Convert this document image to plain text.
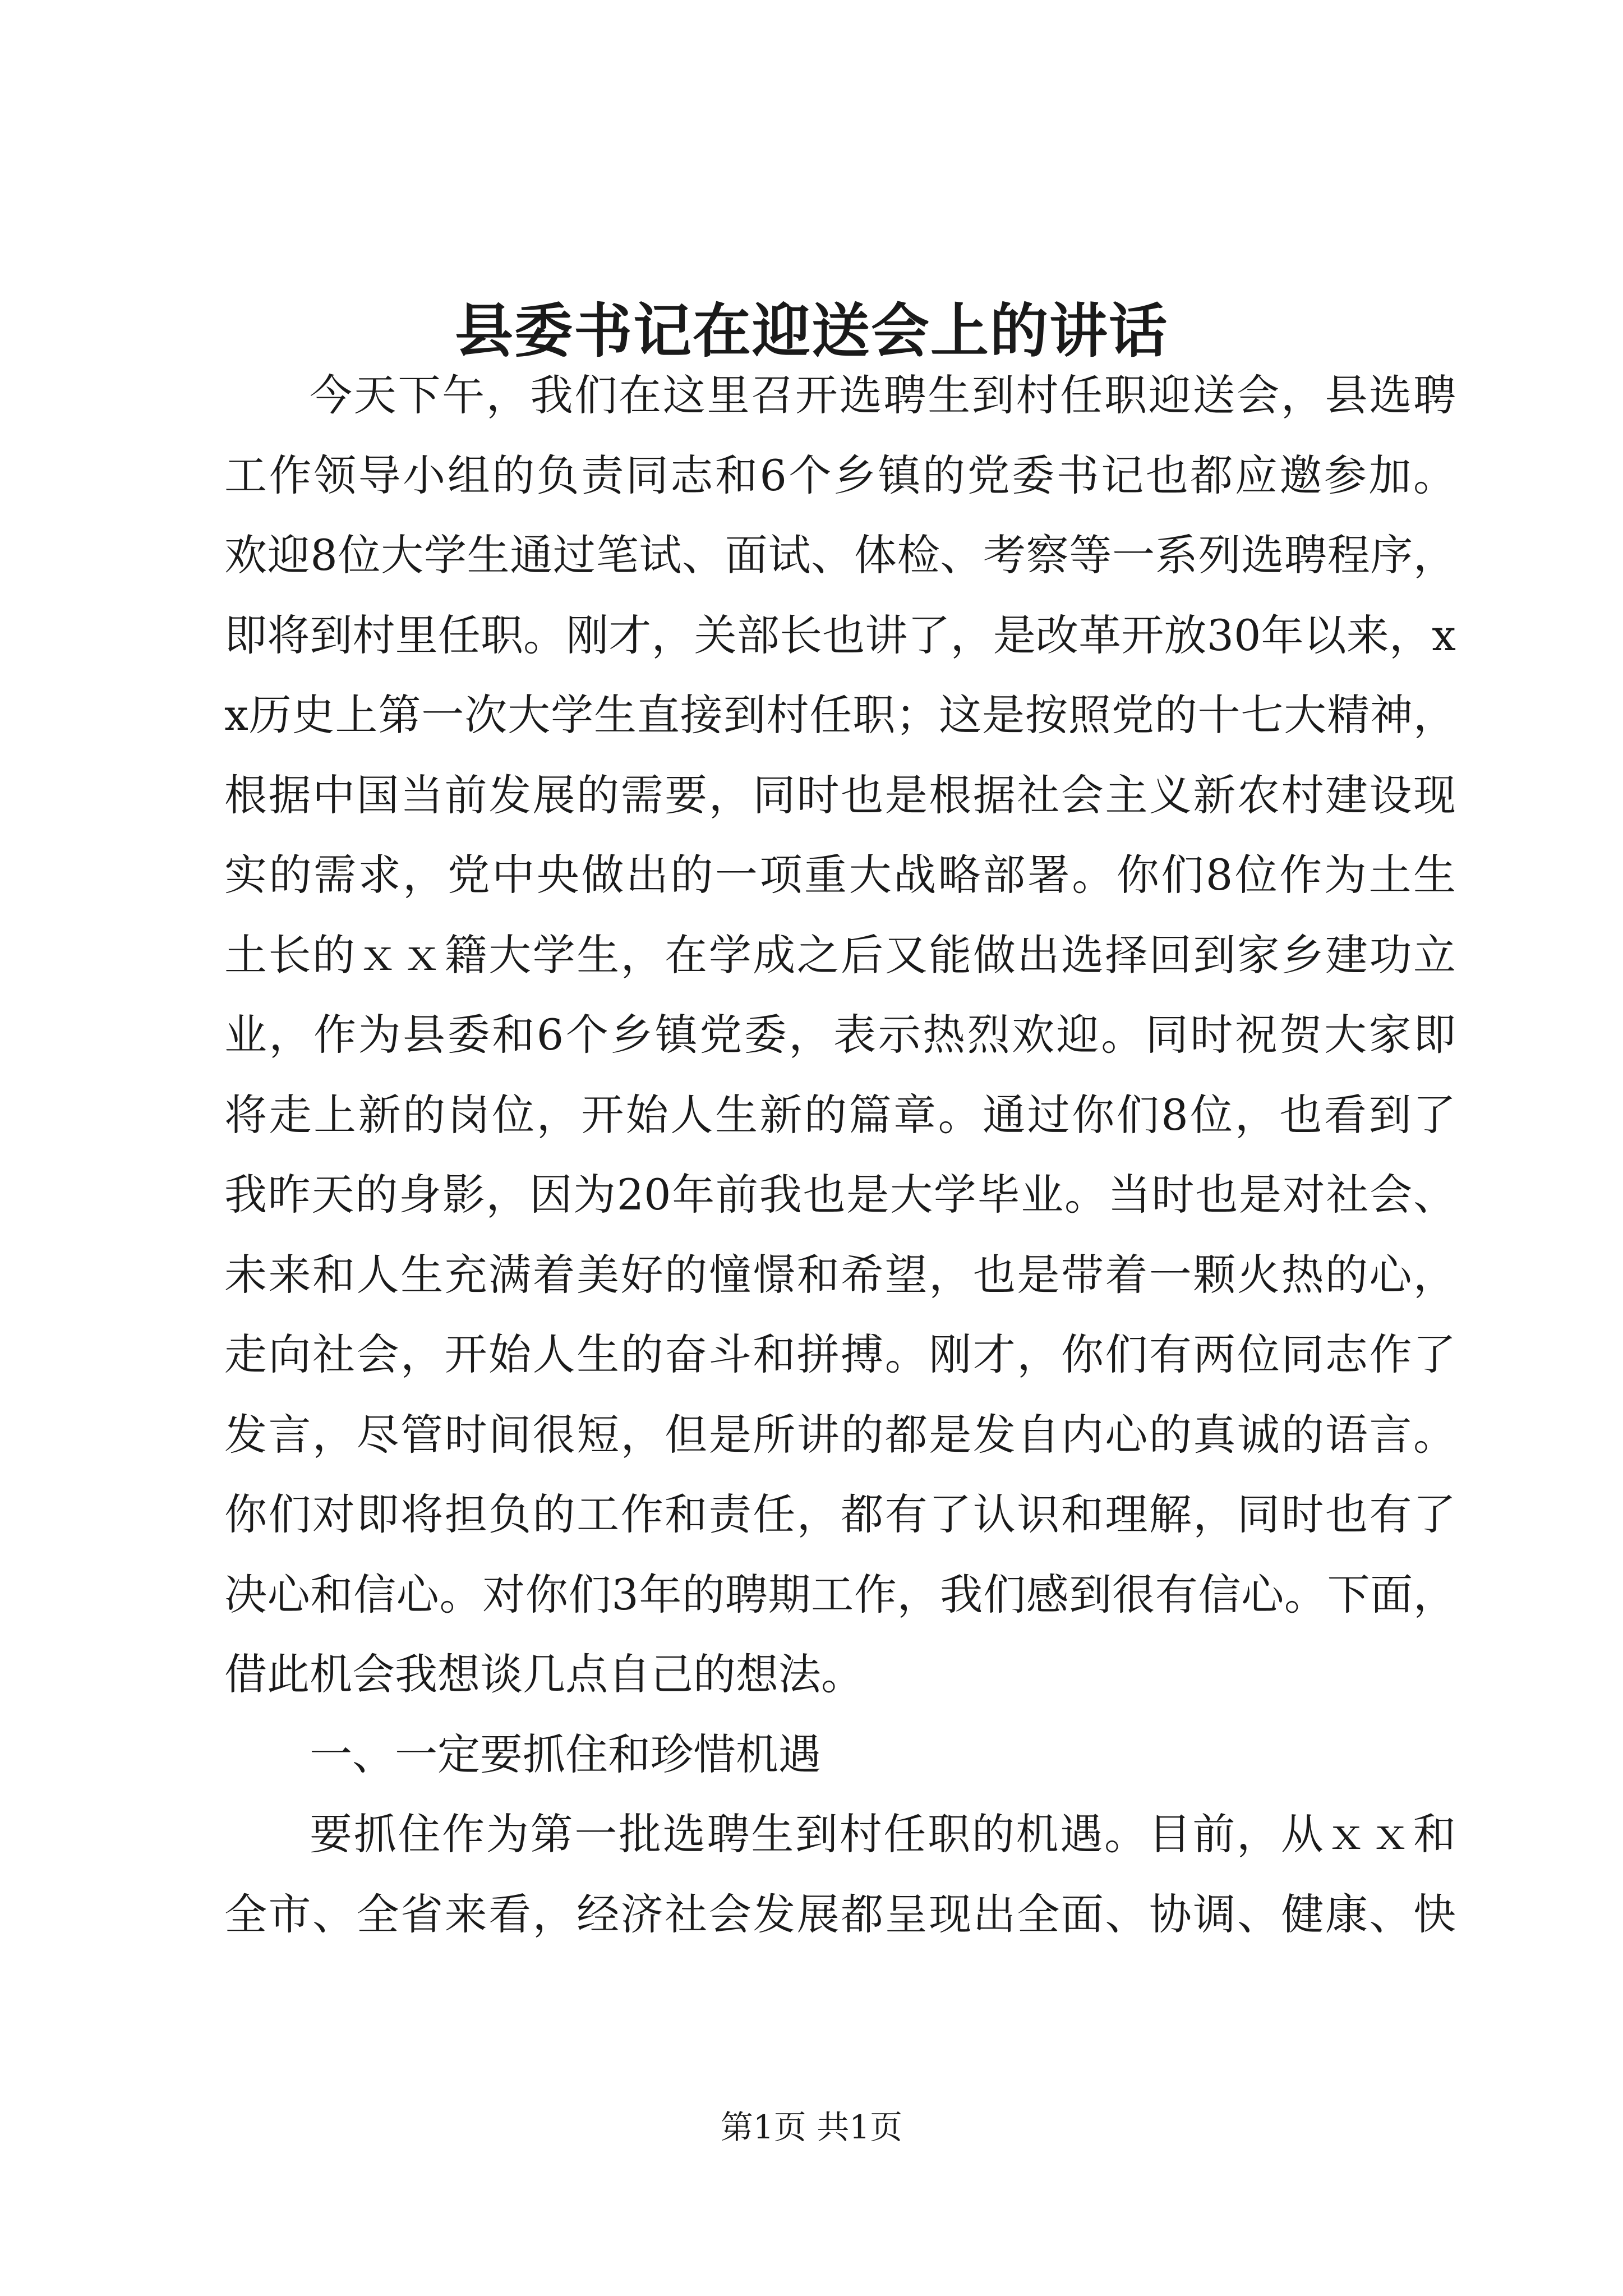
县委书记在迎送会上的讲话
今天下午，我们在这里召开选聘生到村任职迎送会，县选聘
工作领导小组的负责同志和6个乡镇的党委书记也都应邀参加。
欢迎8位大学生通过笔试、面试、体检、考察等一系列选聘程序，
即将到村里任职。刚才，关部长也讲了，是改革开放30年以来，x
x历史上第一次大学生直接到村任职；这是按照党的十七大精神，
根据中国当前发展的需要，同时也是根据社会主义新农村建设现
实的需求，党中央做出的一项重大战略部署。你们8位作为土生
土长的ｘｘ籍大学生，在学成之后又能做出选择回到家乡建功立
业，作为县委和6个乡镇党委，表示热烈欢迎。同时祝贺大家即
将走上新的岗位，开始人生新的篇章。通过你们8位，也看到了
我昨天的身影，因为20年前我也是大学毕业。当时也是对社会、
未来和人生充满着美好的憧憬和希望，也是带着一颗火热的心，
走向社会，开始人生的奋斗和拼搏。刚才，你们有两位同志作了
发言，尽管时间很短，但是所讲的都是发自内心的真诚的语言。
你们对即将担负的工作和责任，都有了认识和理解，同时也有了
决心和信心。对你们3年的聘期工作，我们感到很有信心。下面，
借此机会我想谈几点自己的想法。
一、一定要抓住和珍惜机遇
要抓住作为第一批选聘生到村任职的机遇。目前，从ｘｘ和
全市、全省来看，经济社会发展都呈现出全面、协调、健康、快
第1页 共1页
